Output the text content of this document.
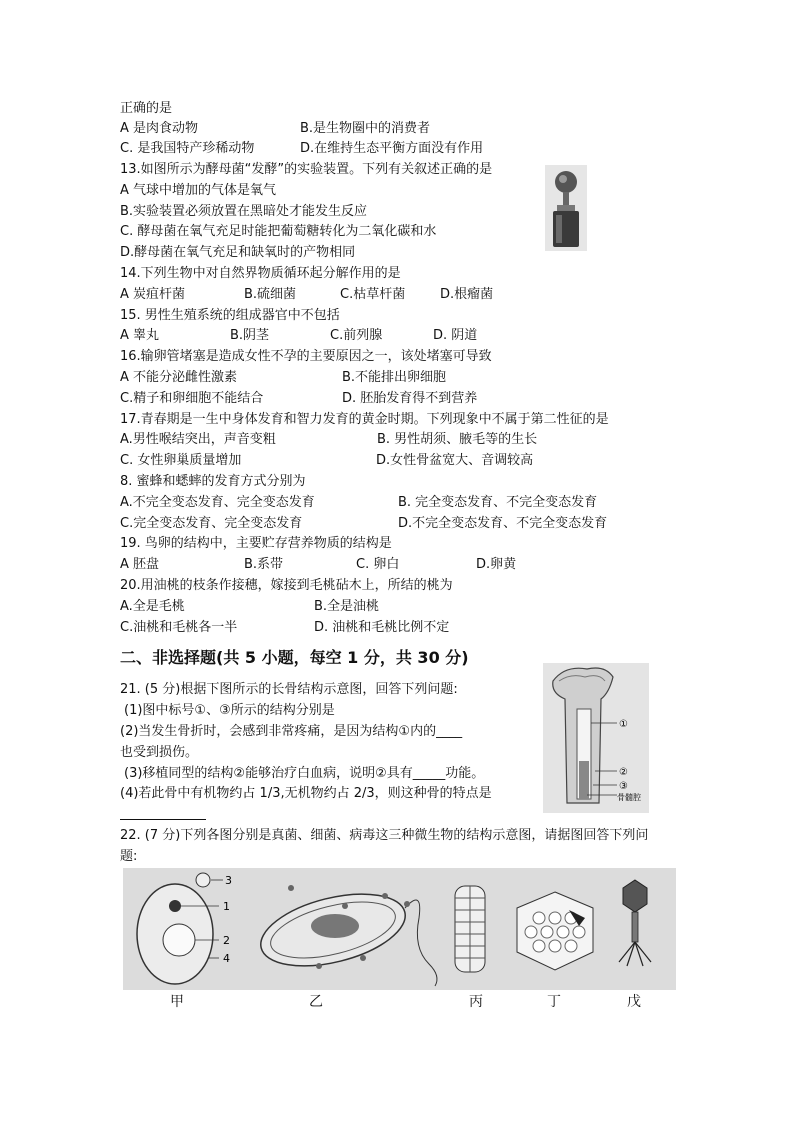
正确的是
A 是肉食动物	B.是生物圈中的消费者
C. 是我国特产珍稀动物	D.在维持生态平衡方面没有作用
13.如图所示为酵母菌“发酵”的实验装置。下列有关叙述正确的是
A 气球中增加的气体是氧气
B.实验装置必须放置在黑暗处才能发生反应
C. 酵母菌在氧气充足时能把葡萄糖转化为二氧化碳和水
D.酵母菌在氧气充足和缺氧时的产物相同
14.下列生物中对自然界物质循环起分解作用的是
A 炭疽杆菌	B.硫细菌	C.枯草杆菌	D.根瘤菌
15. 男性生殖系统的组成器官中不包括
A 睾丸	B.阴茎	C.前列腺	D. 阴道
16.输卵管堵塞是造成女性不孕的主要原因之一，该处堵塞可导致
A 不能分泌雌性激素	B.不能排出卵细胞
C.精子和卵细胞不能结合	D. 胚胎发育得不到营养
17.青春期是一生中身体发育和智力发育的黄金时期。下列现象中不属于第二性征的是
A.男性喉结突出，声音变粗	B. 男性胡须、腋毛等的生长
C. 女性卵巢质量增加	D.女性骨盆宽大、音调较高
8. 蜜蜂和蟋蟀的发育方式分别为
A.不完全变态发育、完全变态发育	B. 完全变态发育、不完全变态发育
C.完全变态发育、完全变态发育	D.不完全变态发育、不完全变态发育
19. 鸟卵的结构中，主要贮存营养物质的结构是
A 胚盘	B.系带	C. 卵白	D.卵黄
20.用油桃的枝条作接穗，嫁接到毛桃砧木上，所结的桃为
A.全是毛桃	B.全是油桃
C.油桃和毛桃各一半	D. 油桃和毛桃比例不定
二、非选择题(共 5 小题，每空 1 分，共 30 分)
21. (5 分)根据下图所示的长骨结构示意图，回答下列问题:
(1)图中标号①、③所示的结构分别是
(2)当发生骨折时，会感到非常疼痛，是因为结构①内的____
也受到损伤。
(3)移植同型的结构②能够治疗白血病，说明②具有_____功能。
(4)若此骨中有机物约占 1/3,无机物约占 2/3，则这种骨的特点是
①
②
③
骨髓腔
22. (7 分)下列各图分别是真菌、细菌、病毒这三种微生物的结构示意图，请据图回答下列问
题:
1
2
3
4
甲	乙	丙	丁	戊
